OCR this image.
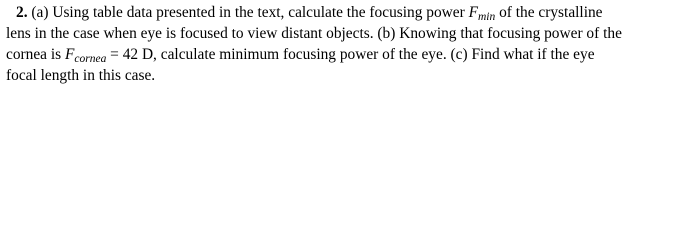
2. (a) Using table data presented in the text, calculate the focusing power Fmin of the crystalline
lens in the case when eye is focused to view distant objects. (b) Knowing that focusing power of the
cornea is Fcornea = 42 D, calculate minimum focusing power of the eye. (c) Find what if the eye
focal length in this case.
